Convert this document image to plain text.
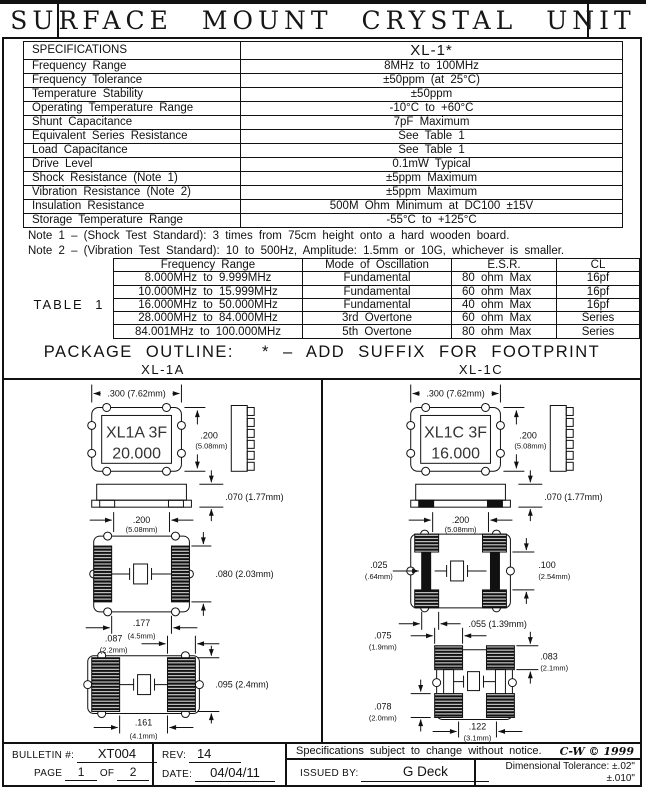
SURFACE MOUNT CRYSTAL UNIT
SPECIFICATIONS	XL-1*
Frequency Range	8MHz to 100MHz
Frequency Tolerance	±50ppm (at 25°C)
Temperature Stability	±50ppm
Operating Temperature Range	-10°C to +60°C
Shunt Capacitance	7pF Maximum
Equivalent Series Resistance	See Table 1
Load Capacitance	See Table 1
Drive Level	0.1mW Typical
Shock Resistance (Note 1)	±5ppm Maximum
Vibration Resistance (Note 2)	±5ppm Maximum
Insulation Resistance	500M Ohm Minimum at DC100 ±15V
Storage Temperature Range	-55°C to +125°C
Note 1 – (Shock Test Standard): 3 times from 75cm height onto a hard wooden board.
Note 2 – (Vibration Test Standard): 10 to 500Hz, Amplitude: 1.5mm or 10G, whichever is smaller.
TABLE 1
Frequency Range	Mode of Oscillation	E.S.R.	CL
8.000MHz to 9.999MHz	Fundamental	80 ohm Max	16pf
10.000MHz to 15.999MHz	Fundamental	60 ohm Max	16pf
16.000MHz to 50.000MHz	Fundamental	40 ohm Max	16pf
28.000MHz to 84.000MHz	3rd Overtone	60 ohm Max	Series
84.001MHz to 100.000MHz	5th Overtone	80 ohm Max	Series
PACKAGE OUTLINE: * – ADD SUFFIX FOR FOOTPRINT
XL-1A	XL-1C
.300 (7.62mm)
XL1A 3F
20.000
.200
(5.08mm)
.070 (1.77mm)
.200
(5.08mm)
.080 (2.03mm)
.177
(4.5mm)
.087
(2.2mm)
.095 (2.4mm)
.161
(4.1mm)
.300 (7.62mm)
XL1C 3F
16.000
.200
(5.08mm)
.070 (1.77mm)
.200
(5.08mm)
.025
(.64mm)
.100
(2.54mm)
.055 (1.39mm)
.075
(1.9mm)
.083
(2.1mm)
.078
(2.0mm)
.122
(3.1mm)
BULLETIN #: XT004
PAGE 1 OF 2
REV: 14
DATE: 04/04/11
Specifications subject to change without notice. C-W © 1999
ISSUED BY:	G Deck	Dimensional Tolerance: ±.02"
±.010"
